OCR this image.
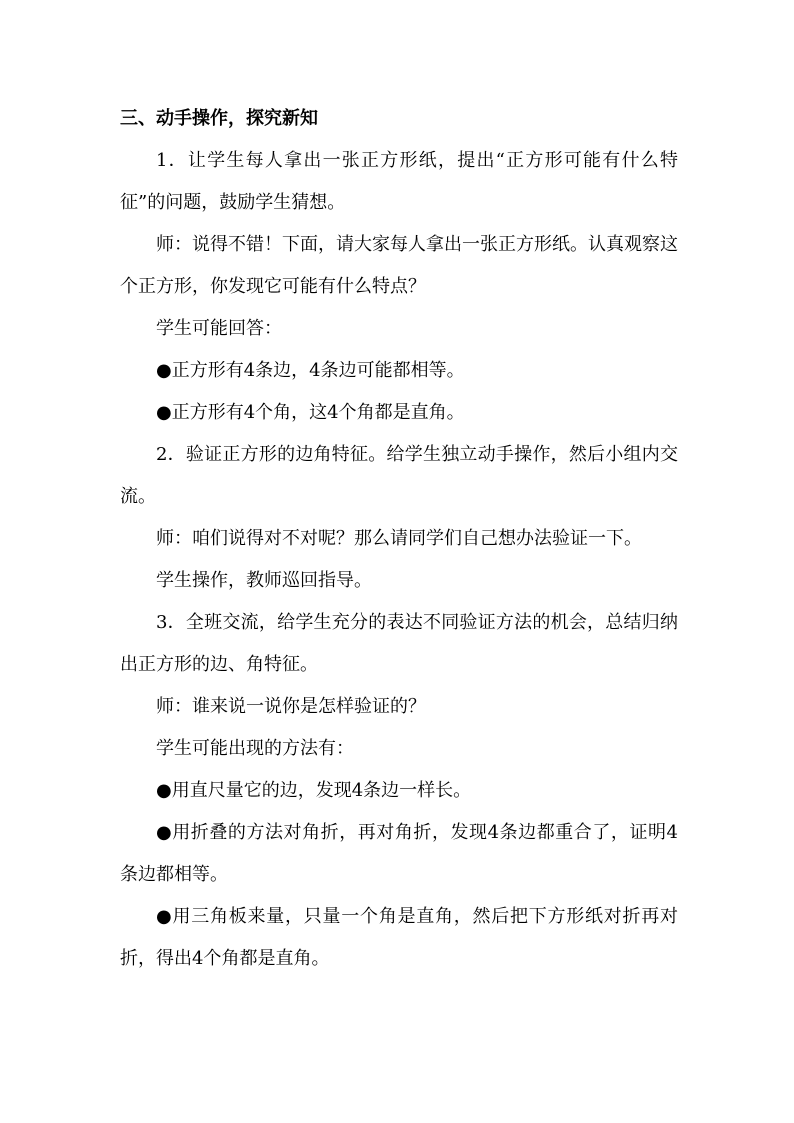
三、动手操作，探究新知

1．让学生每人拿出一张正方形纸，提出“正方形可能有什么特征”的问题，鼓励学生猜想。

师：说得不错！下面，请大家每人拿出一张正方形纸。认真观察这个正方形，你发现它可能有什么特点？

学生可能回答：

●正方形有4条边，4条边可能都相等。

●正方形有4个角，这4个角都是直角。

2．验证正方形的边角特征。给学生独立动手操作，然后小组内交流。

师：咱们说得对不对呢？那么请同学们自己想办法验证一下。

学生操作，教师巡回指导。

3．全班交流，给学生充分的表达不同验证方法的机会，总结归纳出正方形的边、角特征。

师：谁来说一说你是怎样验证的？

学生可能出现的方法有：

●用直尺量它的边，发现4条边一样长。

●用折叠的方法对角折，再对角折，发现4条边都重合了，证明4条边都相等。

●用三角板来量，只量一个角是直角，然后把下方形纸对折再对折，得出4个角都是直角。
